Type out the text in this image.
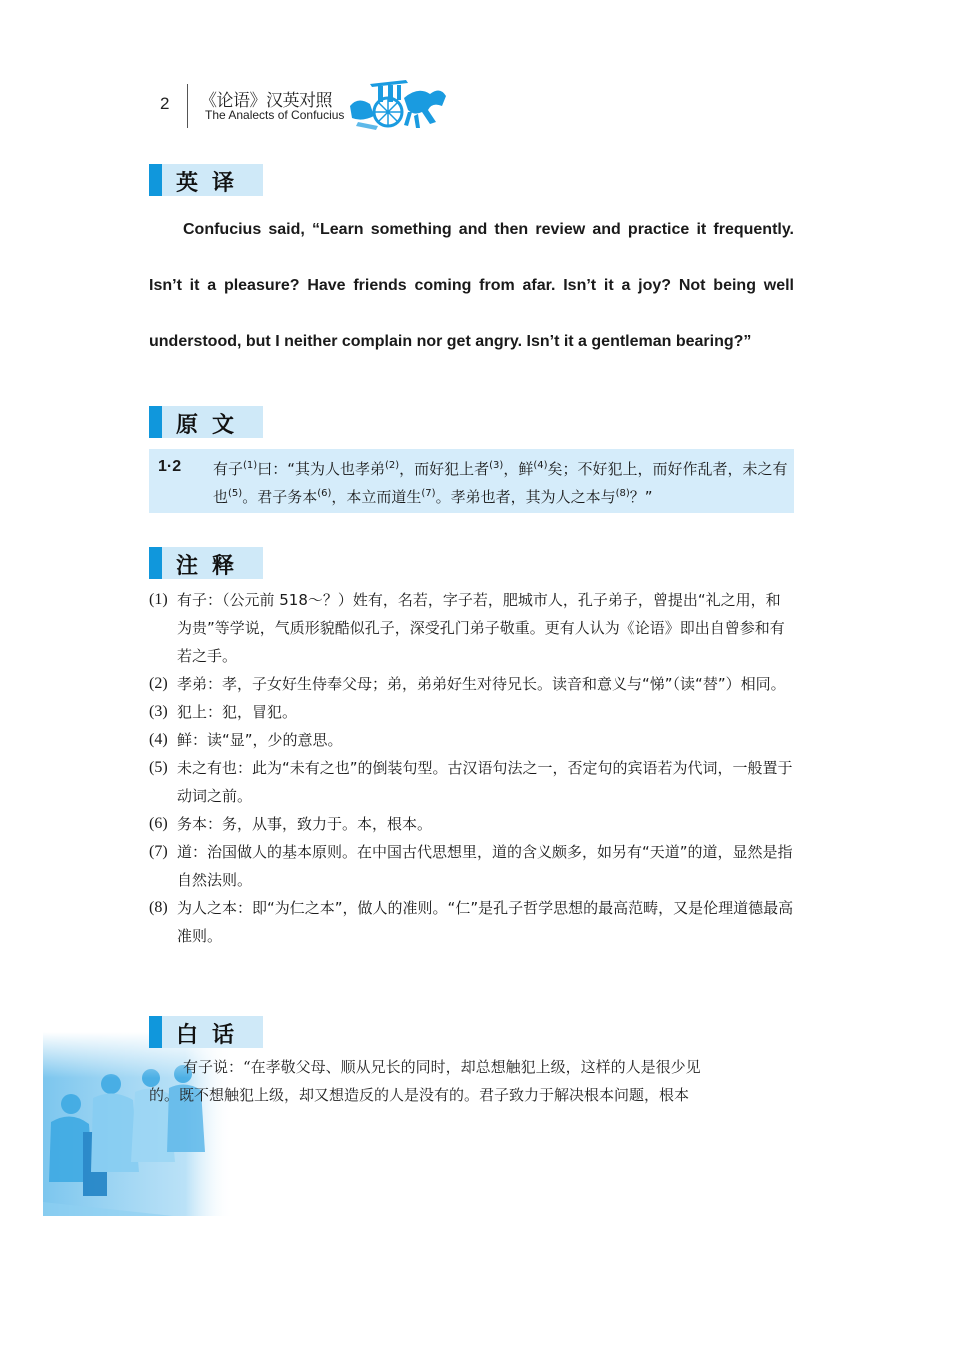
2 《论语》汉英对照
The Analects of Confucius
英译
Confucius said, “Learn something and then review and practice it frequently.
Isn’t it a pleasure? Have friends coming from afar. Isn’t it a joy? Not being well
understood, but I neither complain nor get angry. Isn’t it a gentleman bearing?”
原文
1·2 有子$^{(1)}$曰：“其为人也孝弟$^{(2)}$，而好犯上者$^{(3)}$，鲜$^{(4)}$矣；不好犯上，而好作乱者，未之有也$^{(5)}$。君子务本$^{(6)}$，本立而道生$^{(7)}$。孝弟也者，其为人之本与$^{(8)}$？”
注释
(1) 有子：（公元前 518～？）姓有，名若，字子若，肥城市人，孔子弟子，曾提出“礼之用，和为贵”等学说，气质形貌酷似孔子，深受孔门弟子敬重。更有人认为《论语》即出自曾参和有若之手。
(2) 孝弟：孝，子女好生侍奉父母；弟，弟弟好生对待兄长。读音和意义与“悌”（读“替”）相同。
(3) 犯上：犯，冒犯。
(4) 鲜：读“显”，少的意思。
(5) 未之有也：此为“未有之也”的倒装句型。古汉语句法之一，否定句的宾语若为代词，一般置于动词之前。
(6) 务本：务，从事，致力于。本，根本。
(7) 道：治国做人的基本原则。在中国古代思想里，道的含义颇多，如另有“天道”的道，显然是指自然法则。
(8) 为人之本：即“为仁之本”，做人的准则。“仁”是孔子哲学思想的最高范畴，又是伦理道德最高准则。
白话
有子说：“在孝敬父母、顺从兄长的同时，却总想触犯上级，这样的人是很少见
的。既不想触犯上级，却又想造反的人是没有的。君子致力于解决根本问题，根本
